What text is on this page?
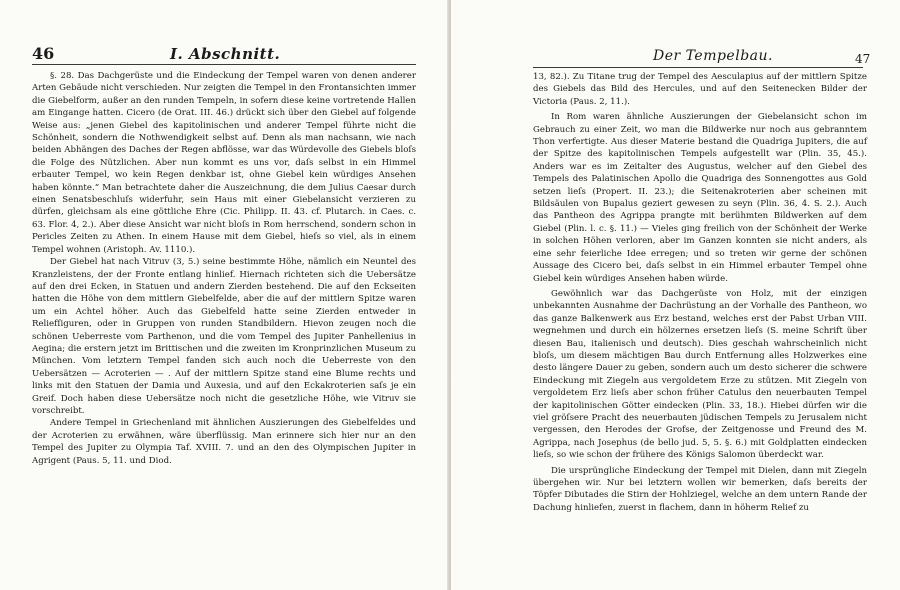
46	I. Abschnitt.

§. 28. Das Dachgerüste und die Eindeckung der Tempel waren von denen anderer Arten Gebäude nicht verschieden. Nur zeigten die Tempel in den Frontansichten immer die Giebelform, außer an den runden Tempeln, in sofern diese keine vortretende Hallen am Eingange hatten. Cicero (de Orat. III. 46.) drückt sich über den Giebel auf folgende Weise aus: „jenen Giebel des kapitolinischen und anderer Tempel führte nicht die Schönheit, sondern die Nothwendigkeit selbst auf. Denn als man nachsann, wie nach beiden Abhängen des Daches der Regen abflösse, war das Würdevolle des Giebels bloſs die Folge des Nützlichen. Aber nun kommt es uns vor, daſs selbst in ein Himmel erbauter Tempel, wo kein Regen denkbar ist, ohne Giebel kein würdiges Ansehen haben könnte.“ Man betrachtete daher die Auszeichnung, die dem Julius Caesar durch einen Senatsbeschluſs widerfuhr, sein Haus mit einer Giebelansicht verzieren zu dürfen, gleichsam als eine göttliche Ehre (Cic. Philipp. II. 43. cf. Plutarch. in Caes. c. 63. Flor. 4, 2.). Aber diese Ansicht war nicht bloſs in Rom herrschend, sondern schon in Pericles Zeiten zu Athen. In einem Hause mit dem Giebel, hieſs so viel, als in einem Tempel wohnen (Aristoph. Av. 1110.).

Der Giebel hat nach Vitruv (3, 5.) seine bestimmte Höhe, nämlich ein Neuntel des Kranzleistens, der der Fronte entlang hinlief. Hiernach richteten sich die Uebersätze auf den drei Ecken, in Statuen und andern Zierden bestehend. Die auf den Eckseiten hatten die Höhe von dem mittlern Giebelfelde, aber die auf der mittlern Spitze waren um ein Achtel höher. Auch das Giebelfeld hatte seine Zierden entweder in Reliefſiguren, oder in Gruppen von runden Standbildern. Hievon zeugen noch die schönen Ueberreste vom Parthenon, und die vom Tempel des Jupiter Panhellenius in Aegina; die erstern jetzt im Brittischen und die zweiten im Kronprinzlichen Museum zu München. Vom letztern Tempel fanden sich auch noch die Ueberreste von den Uebersätzen — Acroterien — . Auf der mittlern Spitze stand eine Blume rechts und links mit den Statuen der Damia und Auxesia, und auf den Eckakroterien saſs je ein Greif. Doch haben diese Uebersätze noch nicht die gesetzliche Höhe, wie Vitruv sie vorschreibt.

Andere Tempel in Griechenland mit ähnlichen Auszierungen des Giebelfeldes und der Acroterien zu erwähnen, wäre überflüssig. Man erinnere sich hier nur an den Tempel des Jupiter zu Olympia Taf. XVIII. 7. und an den des Olympischen Jupiter in Agrigent (Paus. 5, 11. und Diod.

Der Tempelbau.	47

13, 82.). Zu Titane trug der Tempel des Aesculapius auf der mittlern Spitze des Giebels das Bild des Hercules, und auf den Seitenecken Bilder der Victoria (Paus. 2, 11.).

In Rom waren ähnliche Auszierungen der Giebelansicht schon im Gebrauch zu einer Zeit, wo man die Bildwerke nur noch aus gebranntem Thon verfertigte. Aus dieser Materie bestand die Quadriga Jupiters, die auf der Spitze des kapitolinischen Tempels aufgestellt war (Plin. 35, 45.). Anders war es im Zeitalter des Augustus, welcher auf den Giebel des Tempels des Palatinischen Apollo die Quadriga des Sonnengottes aus Gold setzen lieſs (Propert. II. 23.); die Seitenakroterien aber scheinen mit Bildsäulen von Bupalus geziert gewesen zu seyn (Plin. 36, 4. S. 2.). Auch das Pantheon des Agrippa prangte mit berühmten Bildwerken auf dem Giebel (Plin. l. c. §. 11.) — Vieles ging freilich von der Schönheit der Werke in solchen Höhen verloren, aber im Ganzen konnten sie nicht anders, als eine sehr feierliche Idee erregen; und so treten wir gerne der schönen Aussage des Cicero bei, daſs selbst in ein Himmel erbauter Tempel ohne Giebel kein würdiges Ansehen haben würde.

Gewöhnlich war das Dachgerüste von Holz, mit der einzigen unbekannten Ausnahme der Dachrüstung an der Vorhalle des Pantheon, wo das ganze Balkenwerk aus Erz bestand, welches erst der Pabst Urban VIII. wegnehmen und durch ein hölzernes ersetzen lieſs (S. meine Schrift über diesen Bau, italienisch und deutsch). Dies geschah wahrscheinlich nicht bloſs, um diesem mächtigen Bau durch Entfernung alles Holzwerkes eine desto längere Dauer zu geben, sondern auch um desto sicherer die schwere Eindeckung mit Ziegeln aus vergoldetem Erze zu stützen. Mit Ziegeln von vergoldetem Erz lieſs aber schon früher Catulus den neuerbauten Tempel der kapitolinischen Götter eindecken (Plin. 33, 18.). Hiebei dürfen wir die viel gröſsere Pracht des neuerbauten jüdischen Tempels zu Jerusalem nicht vergessen, den Herodes der Grofse, der Zeitgenosse und Freund des M. Agrippa, nach Josephus (de bello jud. 5, 5. §. 6.) mit Goldplatten eindecken lieſs, so wie schon der frühere des Königs Salomon überdeckt war.

Die ursprüngliche Eindeckung der Tempel mit Dielen, dann mit Ziegeln übergehen wir. Nur bei letztern wollen wir bemerken, daſs bereits der Töpfer Dibutades die Stirn der Hohlziegel, welche an dem untern Rande der Dachung hinliefen, zuerst in flachem, dann in höherm Relief zu
